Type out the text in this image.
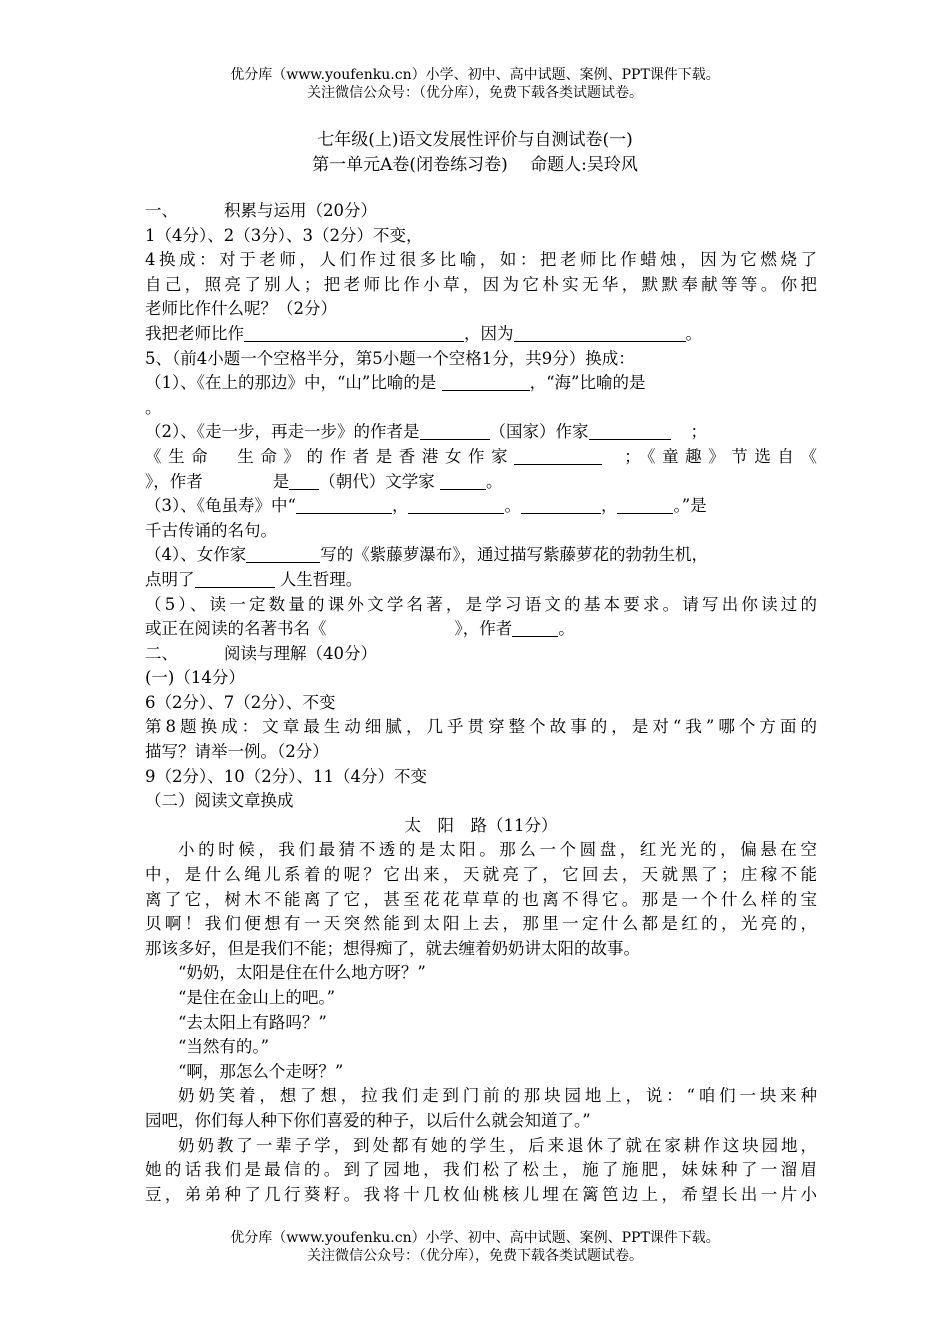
优分库（www.youfenku.cn）小学、初中、高中试题、案例、PPT课件下载。
关注微信公众号：（优分库），免费下载各类试题试卷。
七年级(上)语文发展性评价与自测试卷(一)
第一单元A卷(闭卷练习卷)　 命题人:吴玲风

一、	积累与运用（20分）

1（4分）、2（3分）、3（2分）不变，

4换成：对于老师，人们作过很多比喻，如：把老师比作蜡烛，因为它燃烧了

自己，照亮了别人；把老师比作小草，因为它朴实无华，默默奉献等等。你把

老师比作什么呢？（2分）

我把老师比作	，因为	。

5、（前4小题一个空格半分，第5小题一个空格1分，共9分）换成：

（1）、《在上的那边》中，“山”比喻的是	，“海”比喻的是

。

（2）、《走一步，再走一步》的作者是	（国家）作家	；

《生命　生命》的作者是香港女作家	；《童趣》节选自《

》，作者	是 （朝代）文学家	。

（3）、《龟虽寿》中“	，	。	，	。”是

千古传诵的名句。

（4）、女作家	写的《紫藤萝瀑布》，通过描写紫藤萝花的勃勃生机，

点明了	人生哲理。

（5）、读一定数量的课外文学名著，是学习语文的基本要求。请写出你读过的

或正在阅读的名著书名《	》，作者	。

二、	阅读与理解（40分）

(一)（14分）

6（2分）、7（2分）、不变

第8题换成：文章最生动细腻，几乎贯穿整个故事的，是对“我”哪个方面的

描写？请举一例。（2分）

9（2分）、10（2分）、11（4分）不变

（二）阅读文章换成

太　阳　路（11分）

小的时候，我们最猜不透的是太阳。那么一个圆盘，红光光的，偏悬在空

中，是什么绳儿系着的呢？它出来，天就亮了，它回去，天就黑了；庄稼不能

离了它，树木不能离了它，甚至花花草草的也离不得它。那是一个什么样的宝

贝啊！我们便想有一天突然能到太阳上去，那里一定什么都是红的，光亮的，

那该多好，但是我们不能；想得痴了，就去缠着奶奶讲太阳的故事。

“奶奶，太阳是住在什么地方呀？”

“是住在金山上的吧。”

“去太阳上有路吗？”

“当然有的。”

“啊，那怎么个走呀？”

奶奶笑着，想了想，拉我们走到门前的那块园地上，说：“咱们一块来种

园吧，你们每人种下你们喜爱的种子，以后什么就会知道了。”

奶奶教了一辈子学，到处都有她的学生，后来退休了就在家耕作这块园地，

她的话我们是最信的。到了园地，我们松了松土，施了施肥，妹妹种了一溜眉

豆，弟弟种了几行葵籽。我将十几枚仙桃核儿埋在篱笆边上，希望长出一片小

优分库（www.youfenku.cn）小学、初中、高中试题、案例、PPT课件下载。
关注微信公众号：（优分库），免费下载各类试题试卷。
